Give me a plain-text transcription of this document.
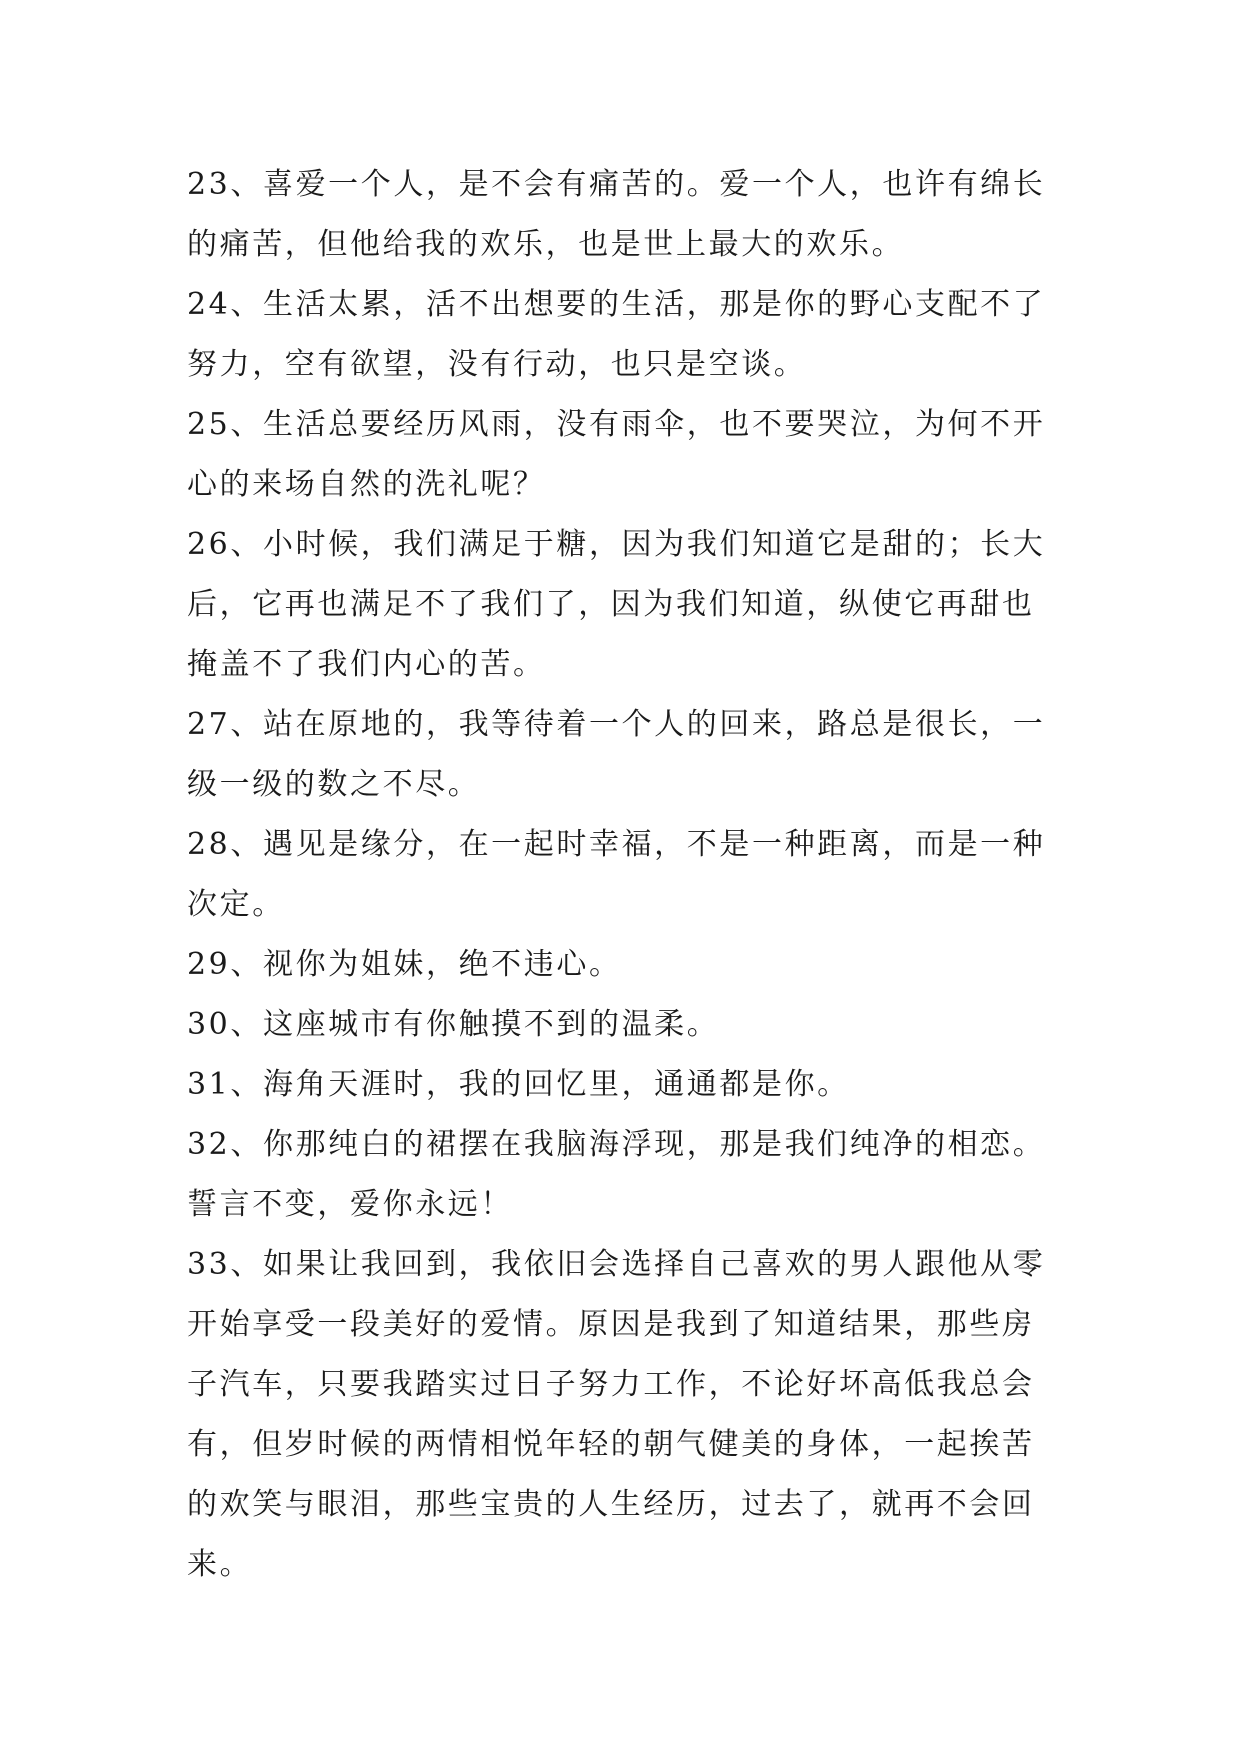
23、喜爱一个人，是不会有痛苦的。爱一个人，也许有绵长
的痛苦，但他给我的欢乐，也是世上最大的欢乐。
24、生活太累，活不出想要的生活，那是你的野心支配不了
努力，空有欲望，没有行动，也只是空谈。
25、生活总要经历风雨，没有雨伞，也不要哭泣，为何不开
心的来场自然的洗礼呢？
26、小时候，我们满足于糖，因为我们知道它是甜的；长大
后，它再也满足不了我们了，因为我们知道，纵使它再甜也
掩盖不了我们内心的苦。
27、站在原地的，我等待着一个人的回来，路总是很长，一
级一级的数之不尽。
28、遇见是缘分，在一起时幸福，不是一种距离，而是一种
次定。
29、视你为姐妹，绝不违心。
30、这座城市有你触摸不到的温柔。
31、海角天涯时，我的回忆里，通通都是你。
32、你那纯白的裙摆在我脑海浮现，那是我们纯净的相恋。
誓言不变，爱你永远！
33、如果让我回到，我依旧会选择自己喜欢的男人跟他从零
开始享受一段美好的爱情。原因是我到了知道结果，那些房
子汽车，只要我踏实过日子努力工作，不论好坏高低我总会
有，但岁时候的两情相悦年轻的朝气健美的身体，一起挨苦
的欢笑与眼泪，那些宝贵的人生经历，过去了，就再不会回
来。
